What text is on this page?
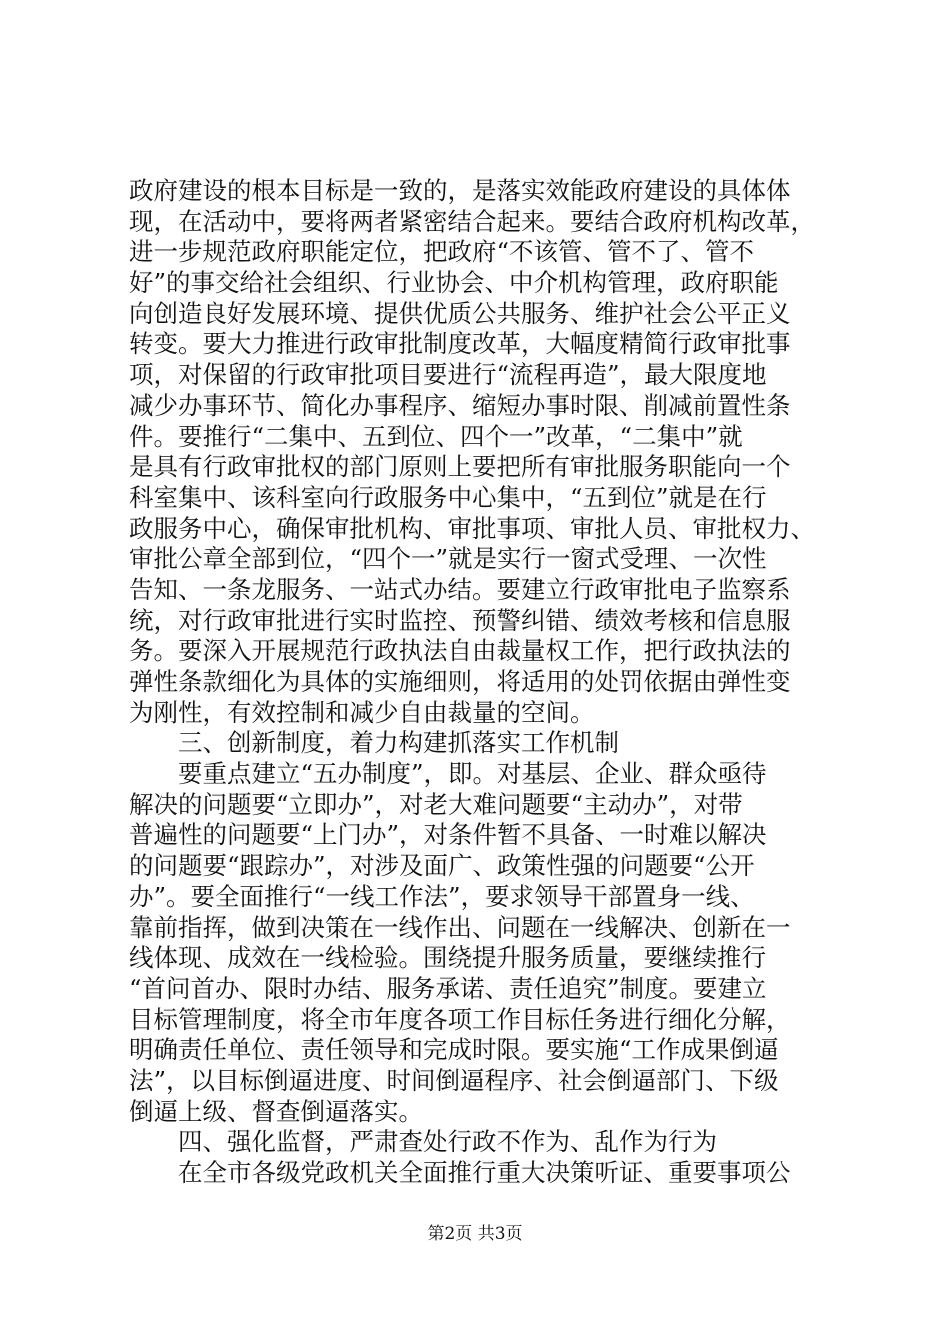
政府建设的根本目标是一致的，是落实效能政府建设的具体体
现，在活动中，要将两者紧密结合起来。要结合政府机构改革，
进一步规范政府职能定位，把政府“不该管、管不了、管不
好”的事交给社会组织、行业协会、中介机构管理，政府职能
向创造良好发展环境、提供优质公共服务、维护社会公平正义
转变。要大力推进行政审批制度改革，大幅度精简行政审批事
项，对保留的行政审批项目要进行“流程再造”，最大限度地
减少办事环节、简化办事程序、缩短办事时限、削减前置性条
件。要推行“二集中、五到位、四个一”改革，“二集中”就
是具有行政审批权的部门原则上要把所有审批服务职能向一个
科室集中、该科室向行政服务中心集中，“五到位”就是在行
政服务中心，确保审批机构、审批事项、审批人员、审批权力、
审批公章全部到位，“四个一”就是实行一窗式受理、一次性
告知、一条龙服务、一站式办结。要建立行政审批电子监察系
统，对行政审批进行实时监控、预警纠错、绩效考核和信息服
务。要深入开展规范行政执法自由裁量权工作，把行政执法的
弹性条款细化为具体的实施细则，将适用的处罚依据由弹性变
为刚性，有效控制和减少自由裁量的空间。
　　三、创新制度，着力构建抓落实工作机制
　　要重点建立“五办制度”，即。对基层、企业、群众亟待
解决的问题要“立即办”，对老大难问题要“主动办”，对带
普遍性的问题要“上门办”，对条件暂不具备、一时难以解决
的问题要“跟踪办”，对涉及面广、政策性强的问题要“公开
办”。要全面推行“一线工作法”，要求领导干部置身一线、
靠前指挥，做到决策在一线作出、问题在一线解决、创新在一
线体现、成效在一线检验。围绕提升服务质量，要继续推行
“首问首办、限时办结、服务承诺、责任追究”制度。要建立
目标管理制度，将全市年度各项工作目标任务进行细化分解，
明确责任单位、责任领导和完成时限。要实施“工作成果倒逼
法”，以目标倒逼进度、时间倒逼程序、社会倒逼部门、下级
倒逼上级、督查倒逼落实。
　　四、强化监督，严肃查处行政不作为、乱作为行为
　　在全市各级党政机关全面推行重大决策听证、重要事项公
第2页 共3页
